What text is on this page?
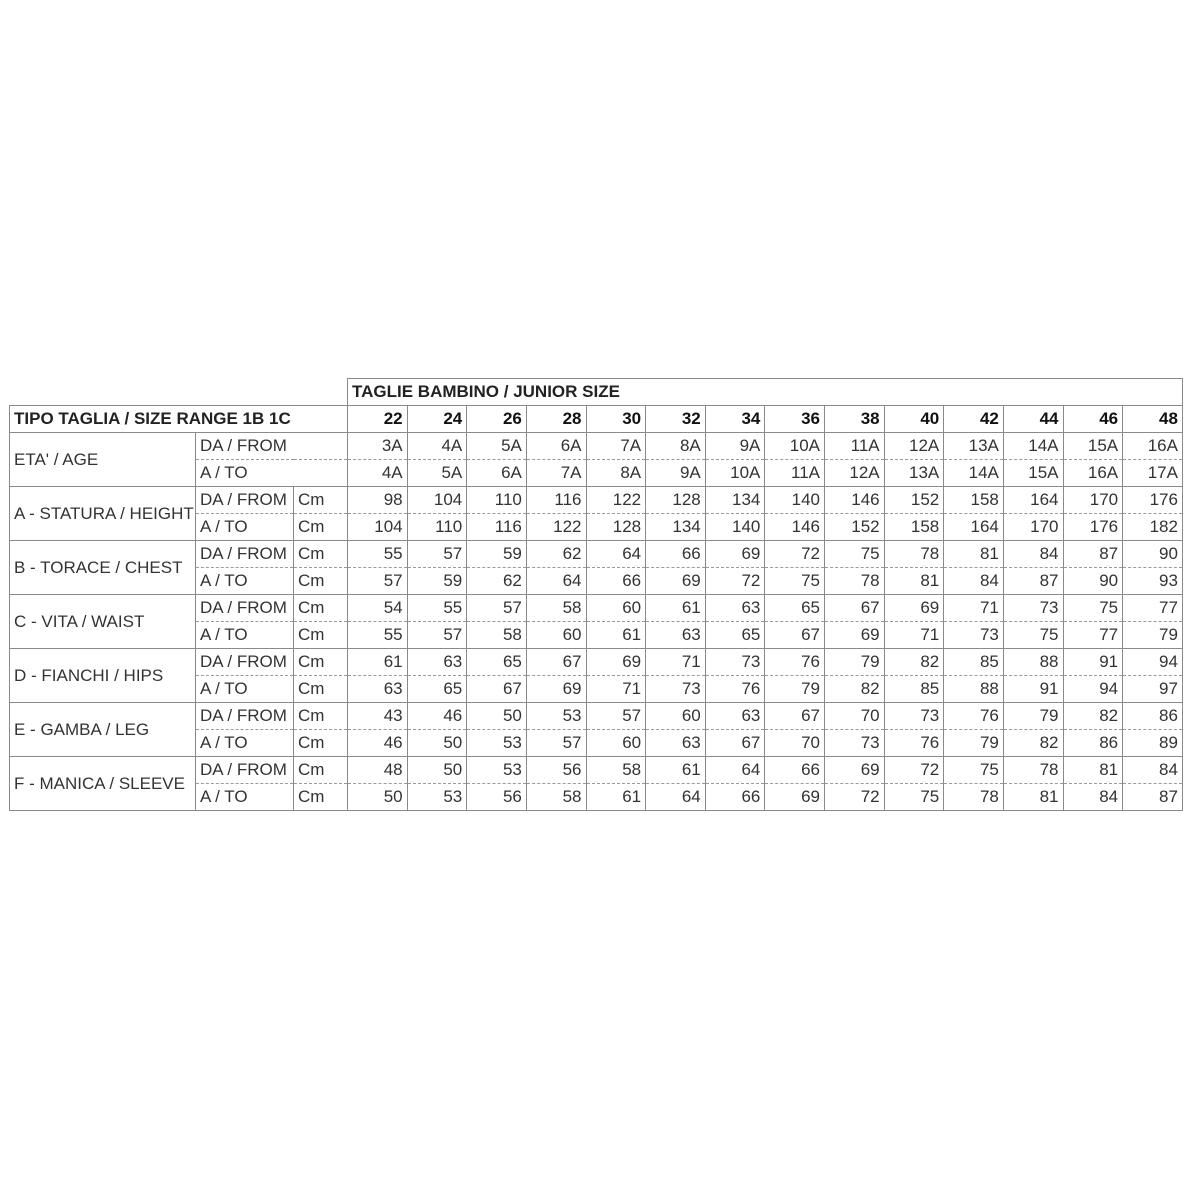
			TAGLIE BAMBINO / JUNIOR SIZE													
TIPO TAGLIA / SIZE RANGE 1B 1C			22	24	26	28	30	32	34	36	38	40	42	44	46	48
ETA' / AGE	DA / FROM		3A	4A	5A	6A	7A	8A	9A	10A	11A	12A	13A	14A	15A	16A
	A / TO		4A	5A	6A	7A	8A	9A	10A	11A	12A	13A	14A	15A	16A	17A
A - STATURA / HEIGHT	DA / FROM	Cm	98	104	110	116	122	128	134	140	146	152	158	164	170	176
	A / TO	Cm	104	110	116	122	128	134	140	146	152	158	164	170	176	182
B - TORACE / CHEST	DA / FROM	Cm	55	57	59	62	64	66	69	72	75	78	81	84	87	90
	A / TO	Cm	57	59	62	64	66	69	72	75	78	81	84	87	90	93
C - VITA / WAIST	DA / FROM	Cm	54	55	57	58	60	61	63	65	67	69	71	73	75	77
	A / TO	Cm	55	57	58	60	61	63	65	67	69	71	73	75	77	79
D - FIANCHI / HIPS	DA / FROM	Cm	61	63	65	67	69	71	73	76	79	82	85	88	91	94
	A / TO	Cm	63	65	67	69	71	73	76	79	82	85	88	91	94	97
E - GAMBA / LEG	DA / FROM	Cm	43	46	50	53	57	60	63	67	70	73	76	79	82	86
	A / TO	Cm	46	50	53	57	60	63	67	70	73	76	79	82	86	89
F - MANICA / SLEEVE	DA / FROM	Cm	48	50	53	56	58	61	64	66	69	72	75	78	81	84
	A / TO	Cm	50	53	56	58	61	64	66	69	72	75	78	81	84	87
